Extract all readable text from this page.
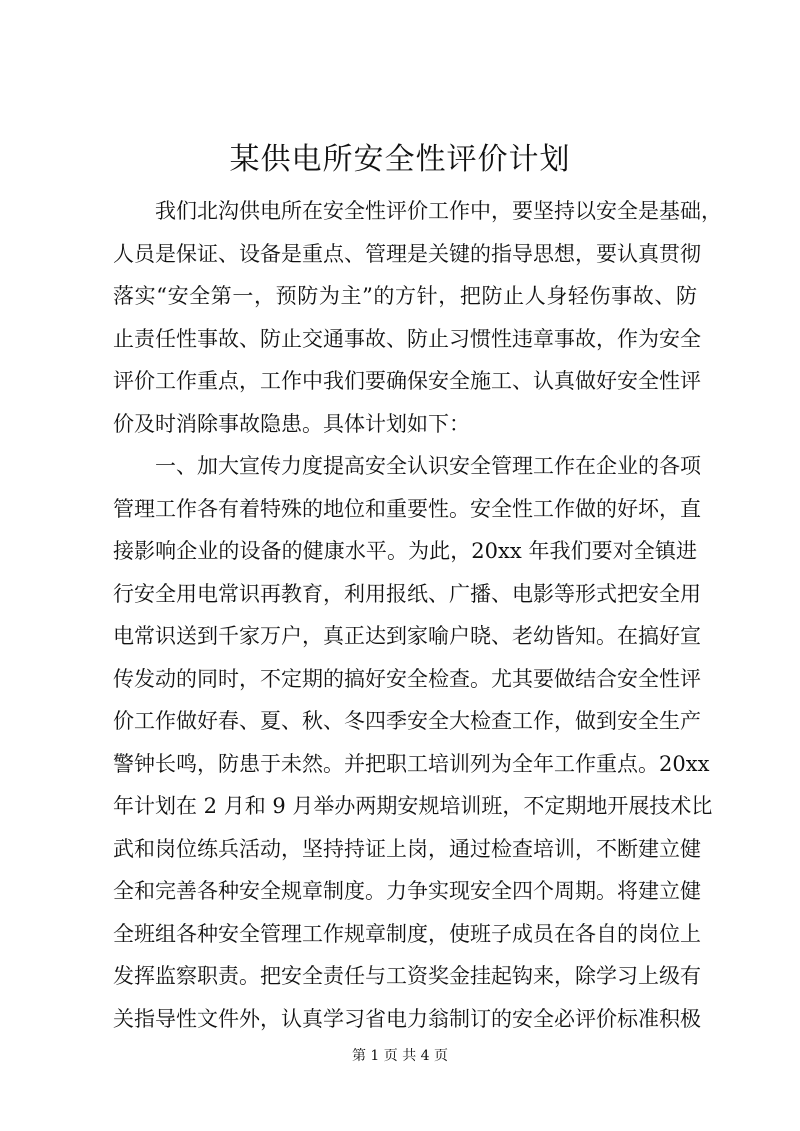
某供电所安全性评价计划
我们北沟供电所在安全性评价工作中，要坚持以安全是基础，
人员是保证、设备是重点、管理是关键的指导思想，要认真贯彻
落实“安全第一，预防为主”的方针，把防止人身轻伤事故、防
止责任性事故、防止交通事故、防止习惯性违章事故，作为安全
评价工作重点，工作中我们要确保安全施工、认真做好安全性评
价及时消除事故隐患。具体计划如下：
一、加大宣传力度提高安全认识安全管理工作在企业的各项
管理工作各有着特殊的地位和重要性。安全性工作做的好坏，直
接影响企业的设备的健康水平。为此，20xx 年我们要对全镇进
行安全用电常识再教育，利用报纸、广播、电影等形式把安全用
电常识送到千家万户，真正达到家喻户晓、老幼皆知。在搞好宣
传发动的同时，不定期的搞好安全检查。尤其要做结合安全性评
价工作做好春、夏、秋、冬四季安全大检查工作，做到安全生产
警钟长鸣，防患于未然。并把职工培训列为全年工作重点。20xx
年计划在 2 月和 9 月举办两期安规培训班，不定期地开展技术比
武和岗位练兵活动，坚持持证上岗，通过检查培训，不断建立健
全和完善各种安全规章制度。力争实现安全四个周期。将建立健
全班组各种安全管理工作规章制度，使班子成员在各自的岗位上
发挥监察职责。把安全责任与工资奖金挂起钩来，除学习上级有
关指导性文件外，认真学习省电力翁制订的安全必评价标准积极
第 1 页 共 4 页
